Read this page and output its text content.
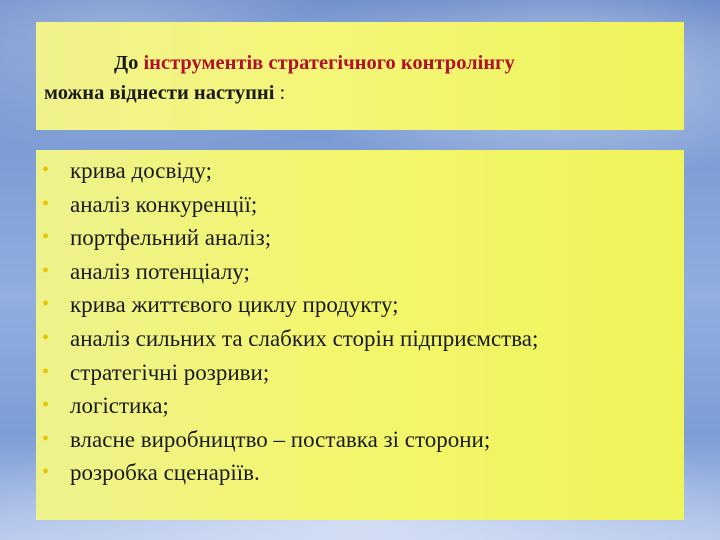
До інструментів стратегічного контролінгу
можна віднести наступні :
• крива досвіду;
• аналіз конкуренції;
• портфельний аналіз;
• аналіз потенціалу;
• крива життєвого циклу продукту;
• аналіз сильних та слабких сторін підприємства;
• стратегічні розриви;
• логістика;
• власне виробництво – поставка зі сторони;
• розробка сценаріїв.
